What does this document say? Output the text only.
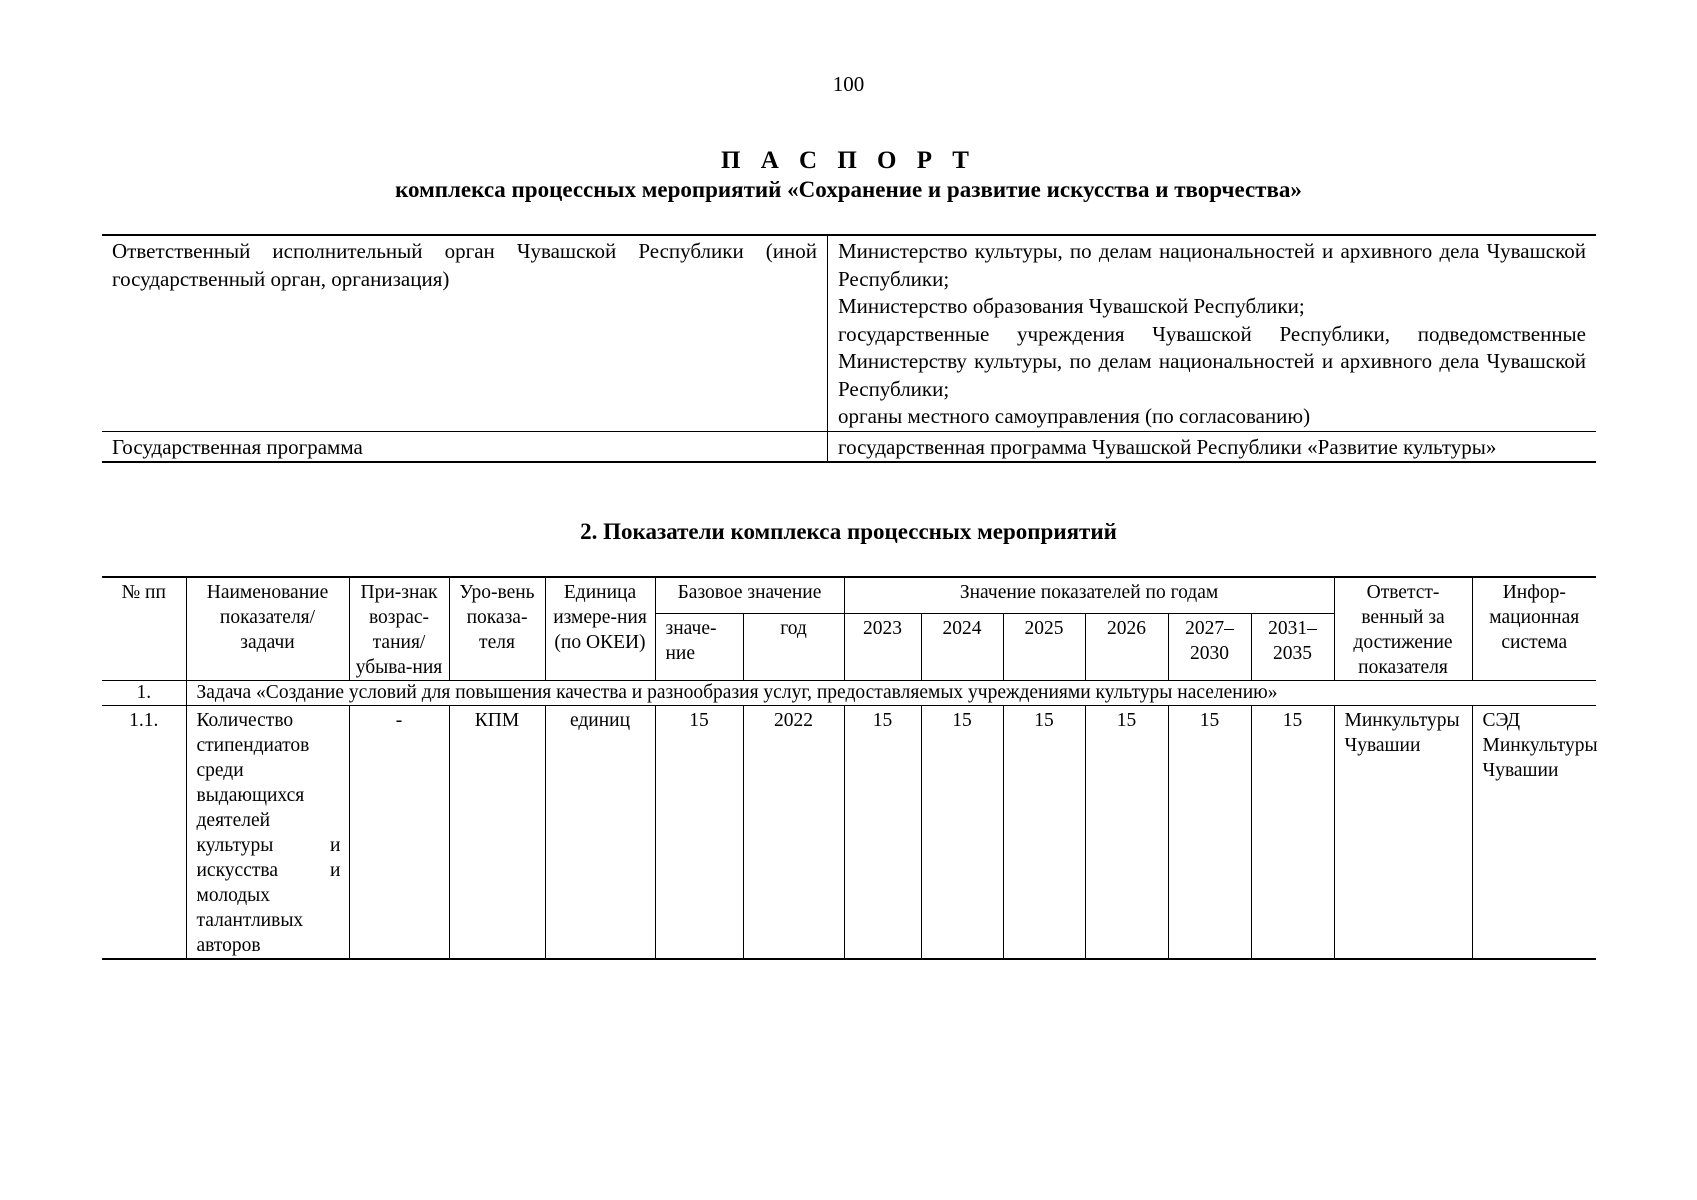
100
П А С П О Р Т
комплекса процессных мероприятий «Сохранение и развитие искусства и творчества»
Ответственный исполнительный орган Чувашской Республики (иной государственный орган, организация)	Министерство культуры, по делам национальностей и архивного дела Чувашской Республики;
Министерство образования Чувашской Республики;
государственные учреждения Чувашской Республики, подведомственные Министерству культуры, по делам национальностей и архивного дела Чувашской Республики;
органы местного самоуправления (по согласованию)

Государственная программа	государственная программа Чувашской Республики «Развитие культуры»
2. Показатели комплекса процессных мероприятий
№ пп	Наименование показателя/ задачи	При-знак возрас-тания/ убыва-ния	Уро-вень показа-теля	Единица измере-ния (по ОКЕИ)	Базовое значение		Значение показателей по годам						Ответст-венный за достижение показателя	Инфор-мационная система
					значе-ние	год	2023	2024	2025	2026	2027–2030	2031–2035		
1.	Задача «Создание условий для повышения качества и разнообразия услуг, предоставляемых учреждениями культуры населению»													
1.1.	Количество стипендиатов среди выдающихся деятелей культуры и искусства и молодых талантливых авторов	-	КПМ	единиц	15	2022	15	15	15	15	15	15	Минкультуры Чувашии	СЭД Минкультуры Чувашии
